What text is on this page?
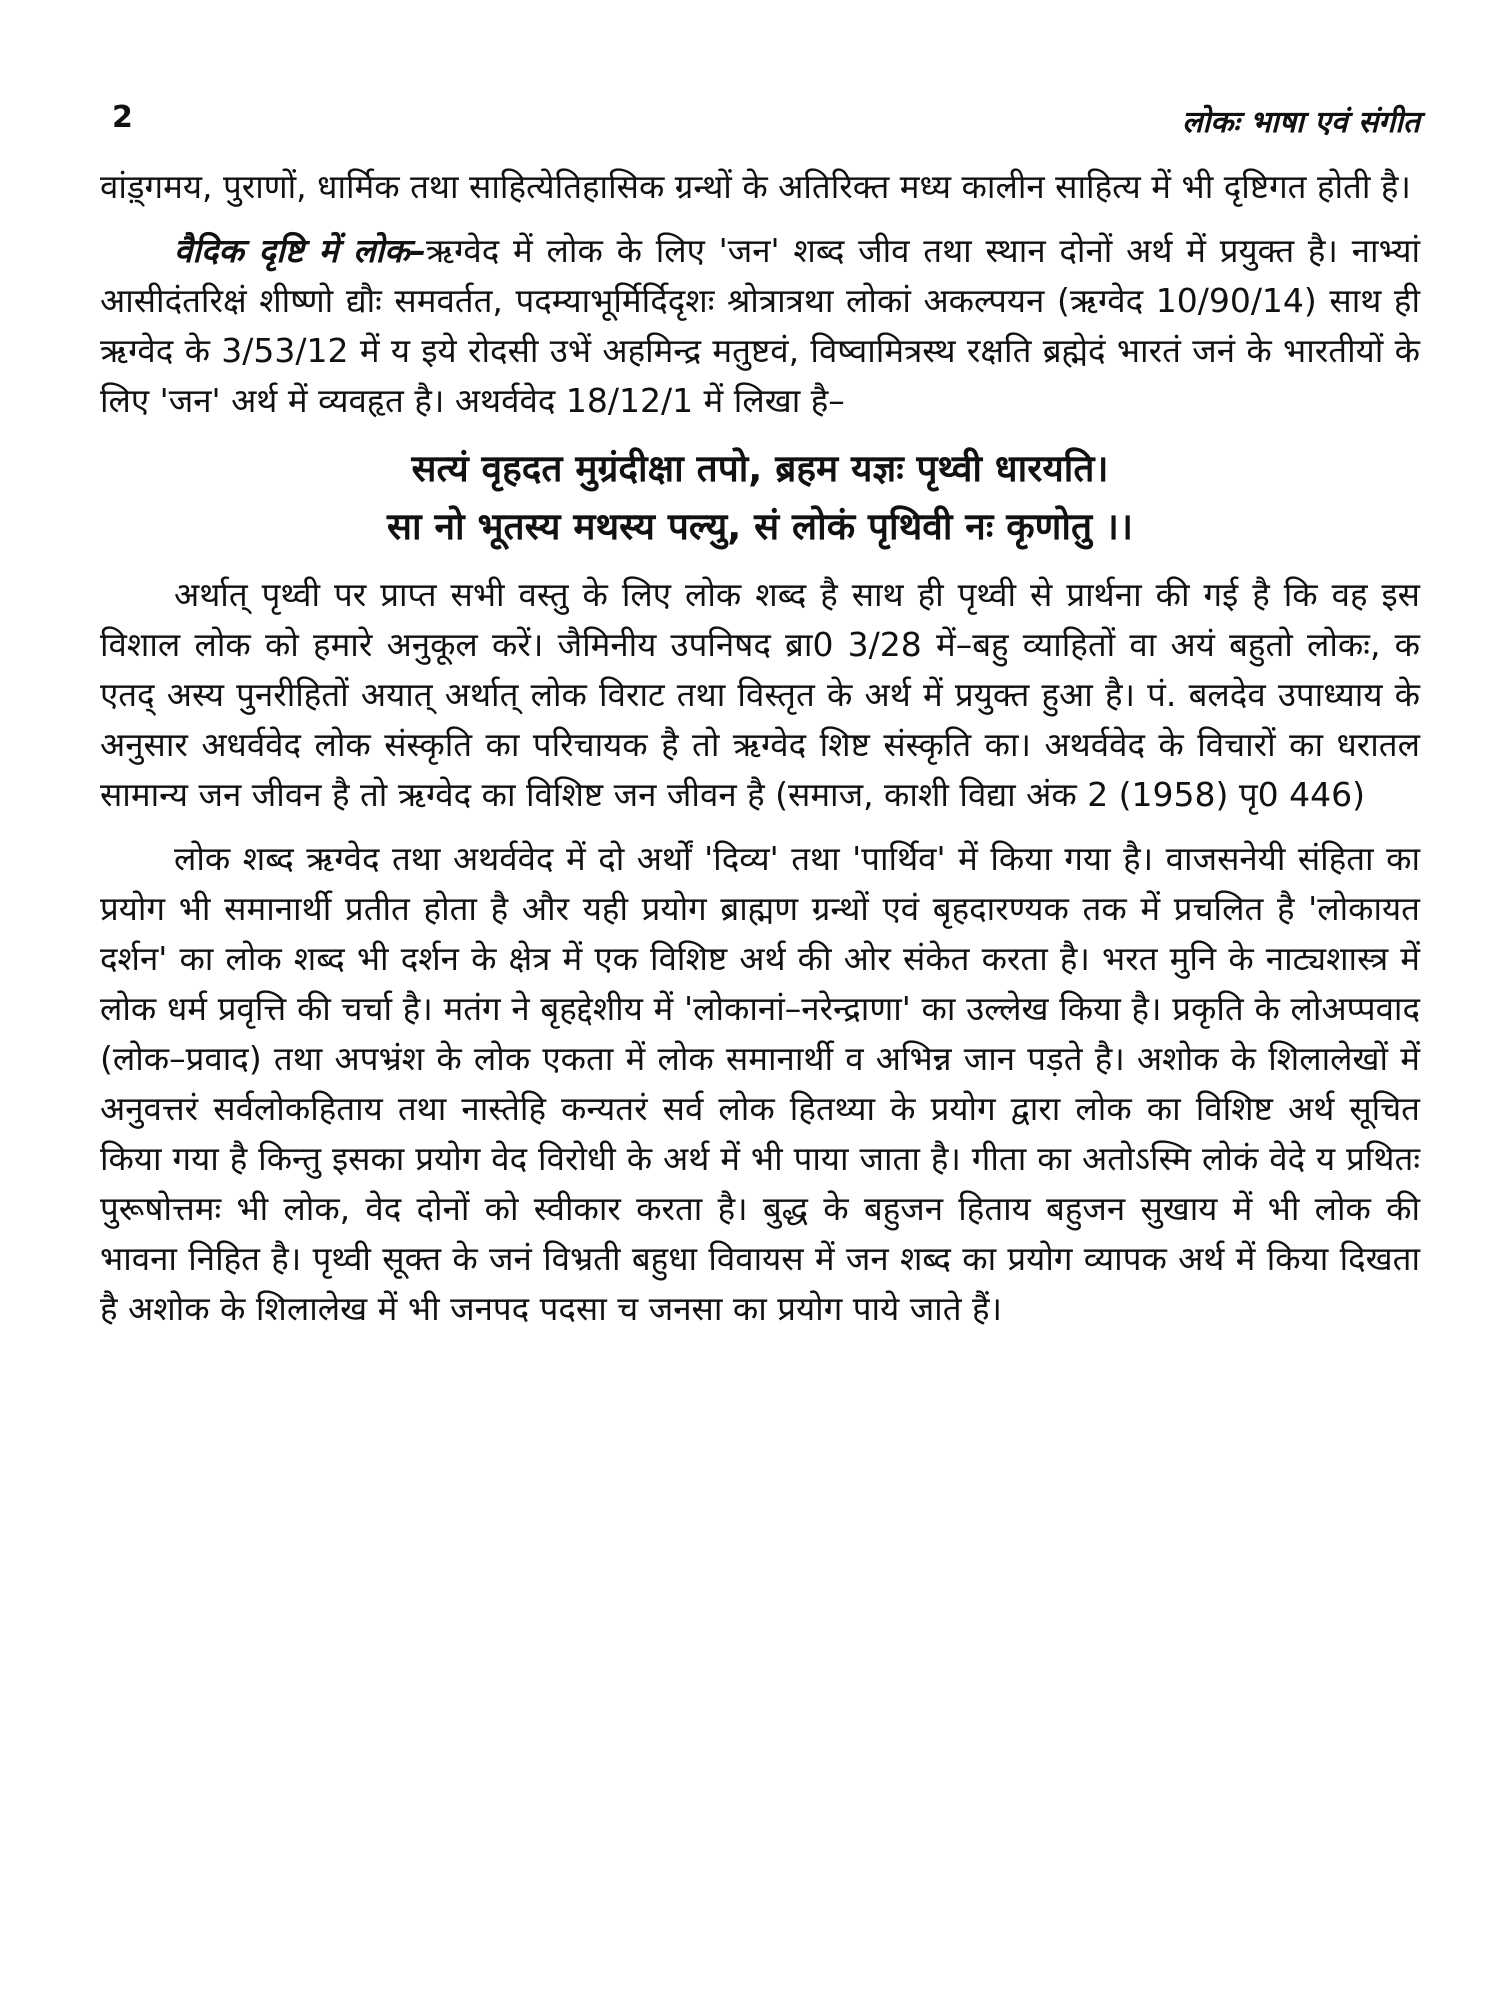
2	लोकः भाषा एवं संगीत

वांड़्गमय, पुराणों, धार्मिक तथा साहित्येतिहासिक ग्रन्थों के अतिरिक्त मध्य कालीन साहित्य में भी दृष्टिगत होती है।

वैदिक दृष्टि में लोक–ऋग्वेद में लोक के लिए 'जन' शब्द जीव तथा स्थान दोनों अर्थ में प्रयुक्त है। नाभ्यां आसीदंतरिक्षं शीष्णो द्यौः समवर्तत, पदम्याभूर्मिर्दिदृशः श्रोत्रात्रथा लोकां अकल्पयन (ऋग्वेद 10/90/14) साथ ही ऋग्वेद के 3/53/12 में य इये रोदसी उभें अहमिन्द्र मतुष्टवं, विष्वामित्रस्थ रक्षति ब्रह्मेदं भारतं जनं के भारतीयों के लिए 'जन' अर्थ में व्यवहृत है। अथर्ववेद 18/12/1 में लिखा है–

सत्यं वृहदत मुग्रंदीक्षा तपो, ब्रहम यज्ञः पृथ्वी धारयति।
सा नो भूतस्य मथस्य पल्यु, सं लोकं पृथिवी नः कृणोतु ।।

अर्थात् पृथ्वी पर प्राप्त सभी वस्तु के लिए लोक शब्द है साथ ही पृथ्वी से प्रार्थना की गई है कि वह इस विशाल लोक को हमारे अनुकूल करें। जैमिनीय उपनिषद ब्रा0 3/28 में–बहु व्याहितों वा अयं बहुतो लोकः, क एतद् अस्य पुनरीहितों अयात् अर्थात् लोक विराट तथा विस्तृत के अर्थ में प्रयुक्त हुआ है। पं. बलदेव उपाध्याय के अनुसार अधर्ववेद लोक संस्कृति का परिचायक है तो ऋग्वेद शिष्ट संस्कृति का। अथर्ववेद के विचारों का धरातल सामान्य जन जीवन है तो ऋग्वेद का विशिष्ट जन जीवन है (समाज, काशी विद्या अंक 2 (1958) पृ0 446)

लोक शब्द ऋग्वेद तथा अथर्ववेद में दो अर्थों 'दिव्य' तथा 'पार्थिव' में किया गया है। वाजसनेयी संहिता का प्रयोग भी समानार्थी प्रतीत होता है और यही प्रयोग ब्राह्मण ग्रन्थों एवं बृहदारण्यक तक में प्रचलित है 'लोकायत दर्शन' का लोक शब्द भी दर्शन के क्षेत्र में एक विशिष्ट अर्थ की ओर संकेत करता है। भरत मुनि के नाट्यशास्त्र में लोक धर्म प्रवृत्ति की चर्चा है। मतंग ने बृहद्देशीय में 'लोकानां–नरेन्द्राणा' का उल्लेख किया है। प्रकृति के लोअप्पवाद (लोक–प्रवाद) तथा अपभ्रंश के लोक एकता में लोक समानार्थी व अभिन्न जान पड़ते है। अशोक के शिलालेखों में अनुवत्तरं सर्वलोकहिताय तथा नास्तेहि कन्यतरं सर्व लोक हितथ्या के प्रयोग द्वारा लोक का विशिष्ट अर्थ सूचित किया गया है किन्तु इसका प्रयोग वेद विरोधी के अर्थ में भी पाया जाता है। गीता का अतोऽस्मि लोकं वेदे य प्रथितः पुरूषोत्तमः भी लोक, वेद दोनों को स्वीकार करता है। बुद्ध के बहुजन हिताय बहुजन सुखाय में भी लोक की भावना निहित है। पृथ्वी सूक्त के जनं विभ्रती बहुधा विवायस में जन शब्द का प्रयोग व्यापक अर्थ में किया दिखता है अशोक के शिलालेख में भी जनपद पदसा च जनसा का प्रयोग पाये जाते हैं।
